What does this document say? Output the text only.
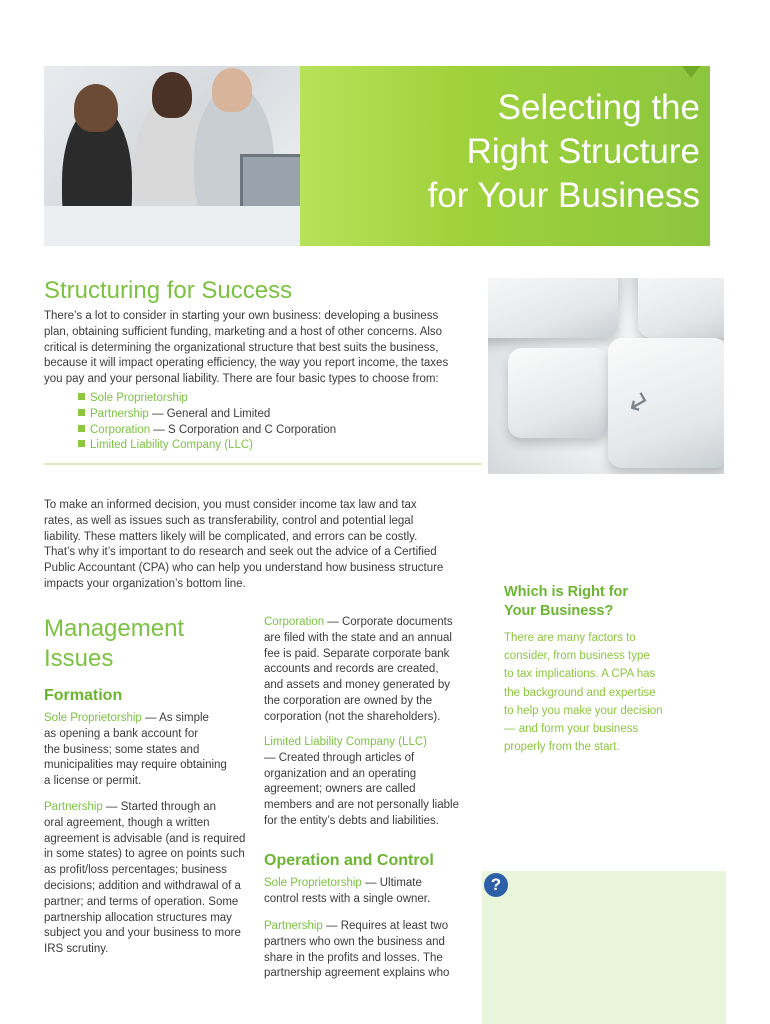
Selecting the
Right Structure
for Your Business
↵
Structuring for Success
There’s a lot to consider in starting your own business: developing a business
plan, obtaining sufficient funding, marketing and a host of other concerns. Also
critical is determining the organizational structure that best suits the business,
because it will impact operating efficiency, the way you report income, the taxes
you pay and your personal liability. There are four basic types to choose from:
Sole Proprietorship
Partnership — General and Limited
Corporation — S Corporation and C Corporation
Limited Liability Company (LLC)
To make an informed decision, you must consider income tax law and tax
rates, as well as issues such as transferability, control and potential legal
liability. These matters likely will be complicated, and errors can be costly.
That’s why it’s important to do research and seek out the advice of a Certified
Public Accountant (CPA) who can help you understand how business structure
impacts your organization’s bottom line.
Management
Issues
Formation
Sole Proprietorship — As simple
as opening a bank account for
the business; some states and
municipalities may require obtaining
a license or permit.
Partnership — Started through an
oral agreement, though a written
agreement is advisable (and is required
in some states) to agree on points such
as profit/loss percentages; business
decisions; addition and withdrawal of a
partner; and terms of operation. Some
partnership allocation structures may
subject you and your business to more
IRS scrutiny.
Corporation — Corporate documents
are filed with the state and an annual
fee is paid. Separate corporate bank
accounts and records are created,
and assets and money generated by
the corporation are owned by the
corporation (not the shareholders).
Limited Liability Company (LLC)
— Created through articles of
organization and an operating
agreement; owners are called
members and are not personally liable
for the entity’s debts and liabilities.
Operation and Control
Sole Proprietorship — Ultimate
control rests with a single owner.
Partnership — Requires at least two
partners who own the business and
share in the profits and losses. The
partnership agreement explains who
Which is Right for
Your Business?
There are many factors to
consider, from business type
to tax implications. A CPA has
the background and expertise
to help you make your decision
— and form your business
properly from the start.
?
